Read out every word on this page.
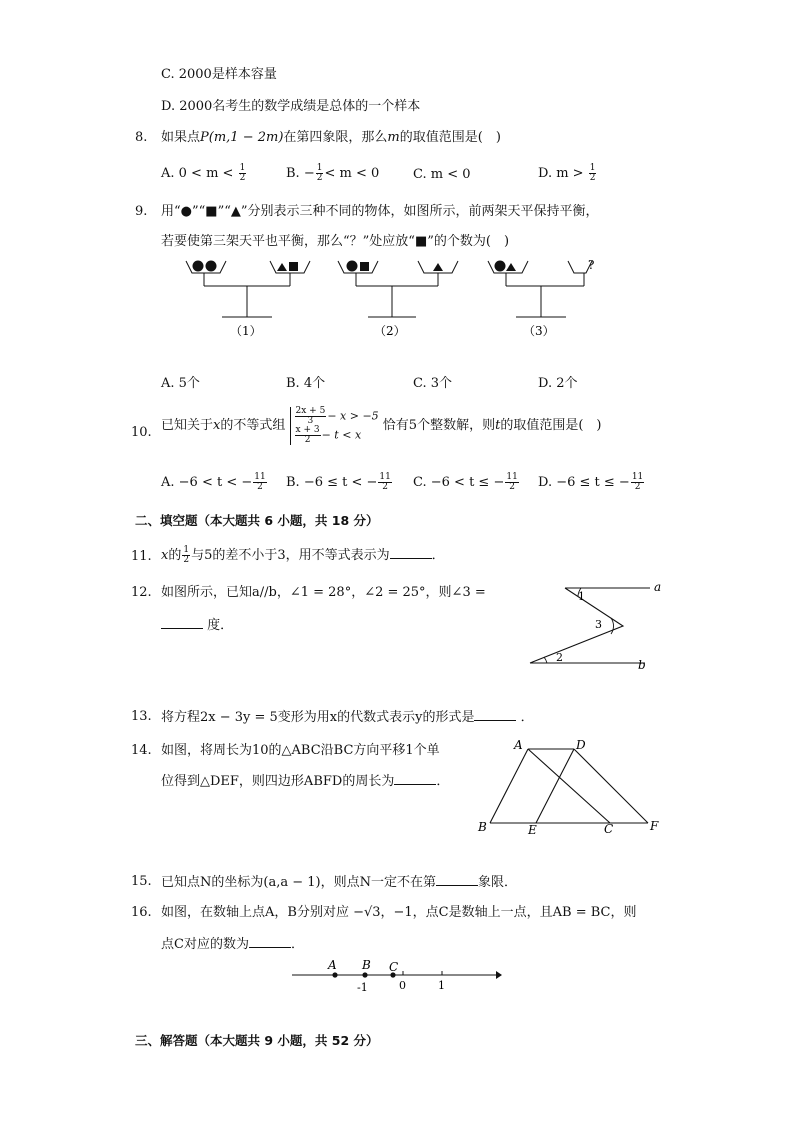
C. 2000是样本容量
D. 2000名考生的数学成绩是总体的一个样本
8. 如果点P(m,1 − 2m)在第四象限，那么m的取值范围是(　)
A. $0 < m < \frac{1}{2}$	B. − $\frac{1}{2} < m < 0$	C. m < 0	D. $m > \frac{1}{2}$
9. 用“●”“■”“▲”分别表示三种不同的物体，如图所示，前两架天平保持平衡，
若要使第三架天平也平衡，那么“？”处应放“■”的个数为(　)
（1）	（2）
?
（3）
A. 5个	B. 4个	C. 3个	D. 2个
10. 已知关于x的不等式组 $\frac{2x + 5}{3} - x > -5$
$\frac{x + 3}{2} - t < x$
恰有5个整数解，则t的取值范围是(　)
A. −6 < t < − $\frac{11}{2} B$. −6 ≤ t < − $\frac{11}{2} C$. −6 < t ≤ − $\frac{11}{2} D$. −6 ≤ t ≤ − $\frac{11}{2}$
二、填空题（本大题共 6 小题，共 18 分）
11. x的 $\frac{1}{2}$ 与5的差不小于3，用不等式表示为	．
12. 如图所示，已知a//b，∠1 = 28°，∠2 = 25°，则∠3 =
度．
a
b
1
2
3
13. 将方程2x − 3y = 5变形为用x的代数式表示y的形式是	．
14. 如图，将周长为10的△ABC沿BC方向平移1个单
位得到△DEF，则四边形ABFD的周长为	．
A	D
B	E	C	F
15. 已知点N的坐标为(a,a − 1)，则点N一定不在第	象限．
16. 如图，在数轴上点A，B分别对应 −√3，−1，点C是数轴上一点，且AB = BC，则
点C对应的数为	．
A B C
-1	0	1
三、解答题（本大题共 9 小题，共 52 分）
